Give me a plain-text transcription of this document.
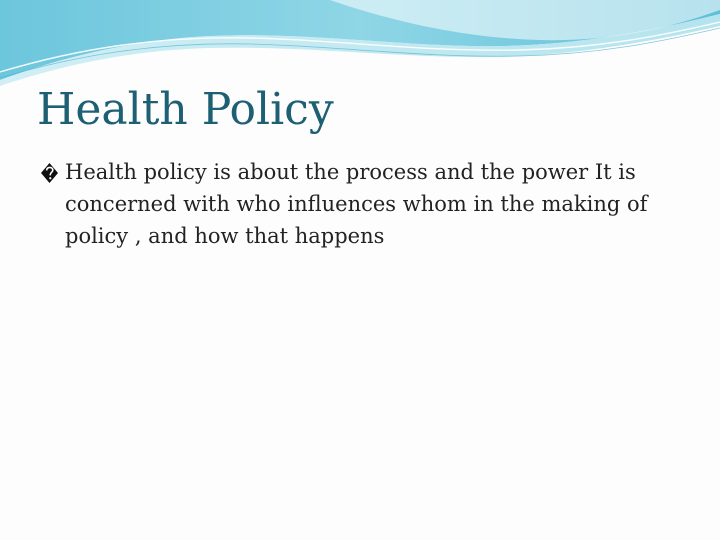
Health Policy
Health policy is about the process and the power It is concerned with who influences whom in the making of policy , and how that happens
